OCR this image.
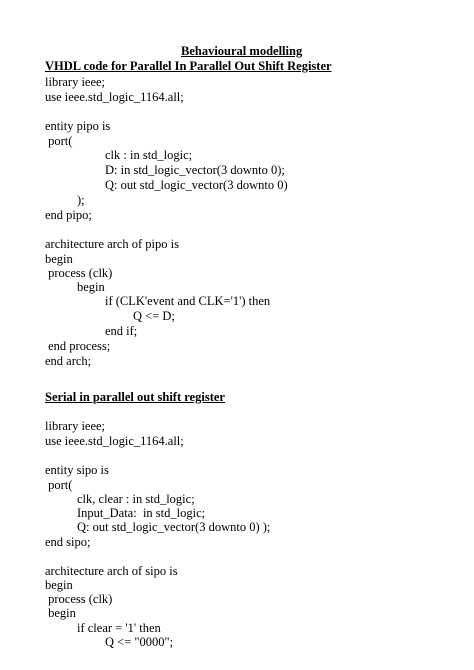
Behavioural modelling
VHDL code for Parallel In Parallel Out Shift Register
library ieee;
use ieee.std_logic_1164.all;
entity pipo is
port(
clk : in std_logic;
D: in std_logic_vector(3 downto 0);
Q: out std_logic_vector(3 downto 0)
);
end pipo;
architecture arch of pipo is
begin
process (clk)
begin
if (CLK'event and CLK='1') then
Q <= D;
end if;
end process;
end arch;
Serial in parallel out shift register
library ieee;
use ieee.std_logic_1164.all;
entity sipo is
port(
clk, clear : in std_logic;
Input_Data:  in std_logic;
Q: out std_logic_vector(3 downto 0) );
end sipo;
architecture arch of sipo is
begin
process (clk)
begin
if clear = '1' then
Q <= "0000";
